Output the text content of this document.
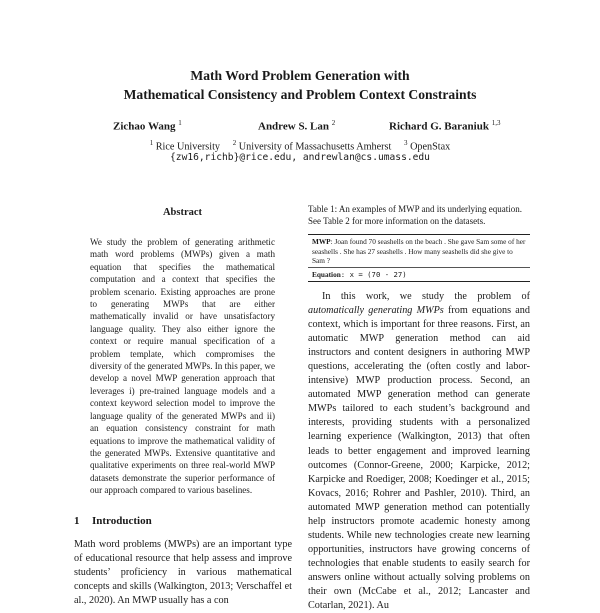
Math Word Problem Generation with
Mathematical Consistency and Problem Context Constraints
Zichao Wang $^1$	Andrew S. Lan $^2$	Richard G. Baraniuk $^{1,3}$
$^1$ Rice University $^2$ University of Massachusetts Amherst $^3$ OpenStax
{zw16,richb}@rice.edu, andrewlan@cs.umass.edu
Abstract
We study the problem of generating arithmetic math word problems (MWPs) given a math equation that specifies the mathematical computation and a context that specifies the problem scenario. Existing approaches are prone to generating MWPs that are either mathematically invalid or have unsatisfactory language quality. They also either ignore the context or require manual specification of a problem template, which compromises the diversity of the generated MWPs. In this paper, we develop a novel MWP generation approach that leverages i) pre-trained language models and a context keyword selection model to improve the language quality of the generated MWPs and ii) an equation consistency constraint for math equations to improve the mathematical validity of the generated MWPs. Extensive quantitative and qualitative experiments on three real-world MWP datasets demonstrate the superior performance of our approach compared to various baselines.
1 Introduction

Math word problems (MWPs) are an important type of educational resource that help assess and improve students’ proficiency in various mathematical concepts and skills (Walkington, 2013; Verschaffel et al., 2020). An MWP usually has a con

Table 1: An examples of MWP and its underlying equation. See Table 2 for more information on the datasets.
MWP: Joan found 70 seashells on the beach . She gave Sam some of her seashells . She has 27 seashells . How many seashells did she give to Sam ?
Equation: x = (70 - 27)

In this work, we study the problem of automatically generating MWPs from equations and context, which is important for three reasons. First, an automatic MWP generation method can aid instructors and content designers in authoring MWP questions, accelerating the (often costly and labor-intensive) MWP production process. Second, an automated MWP generation method can generate MWPs tailored to each student’s background and interests, providing students with a personalized learning experience (Walkington, 2013) that often leads to better engagement and improved learning outcomes (Connor-Greene, 2000; Karpicke, 2012; Karpicke and Roediger, 2008; Koedinger et al., 2015; Kovacs, 2016; Rohrer and Pashler, 2010). Third, an automated MWP generation method can potentially help instructors promote academic honesty among students. While new technologies create new learning opportunities, instructors have growing concerns of technologies that enable students to easily search for answers online without actually solving problems on their own (McCabe et al., 2012; Lancaster and Cotarlan, 2021). Au
